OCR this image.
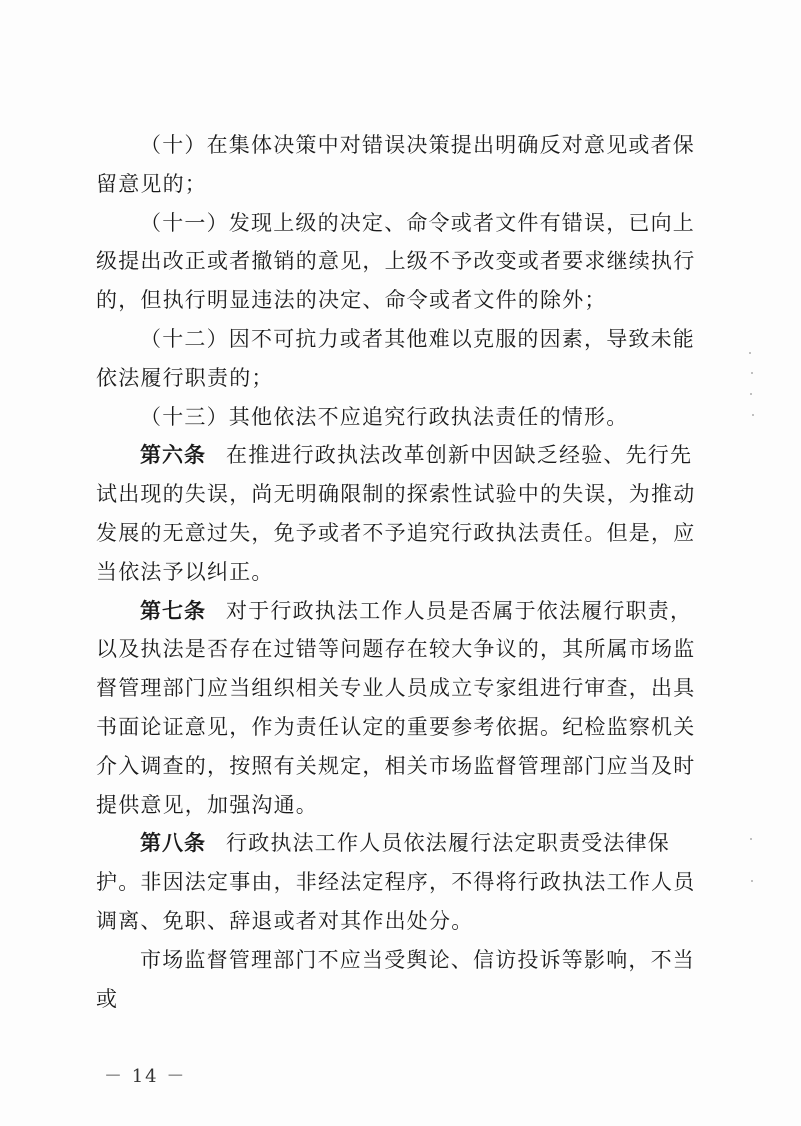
（十）在集体决策中对错误决策提出明确反对意见或者保留意见的；

（十一）发现上级的决定、命令或者文件有错误，已向上级提出改正或者撤销的意见，上级不予改变或者要求继续执行的，但执行明显违法的决定、命令或者文件的除外；

（十二）因不可抗力或者其他难以克服的因素，导致未能依法履行职责的；

（十三）其他依法不应追究行政执法责任的情形。

第六条 在推进行政执法改革创新中因缺乏经验、先行先试出现的失误，尚无明确限制的探索性试验中的失误，为推动发展的无意过失，免予或者不予追究行政执法责任。但是，应当依法予以纠正。

第七条 对于行政执法工作人员是否属于依法履行职责，以及执法是否存在过错等问题存在较大争议的，其所属市场监督管理部门应当组织相关专业人员成立专家组进行审查，出具书面论证意见，作为责任认定的重要参考依据。纪检监察机关介入调查的，按照有关规定，相关市场监督管理部门应当及时提供意见，加强沟通。

第八条 行政执法工作人员依法履行法定职责受法律保护。非因法定事由，非经法定程序，不得将行政执法工作人员调离、免职、辞退或者对其作出处分。

市场监督管理部门不应当受舆论、信访投诉等影响，不当或

－ 14 －
